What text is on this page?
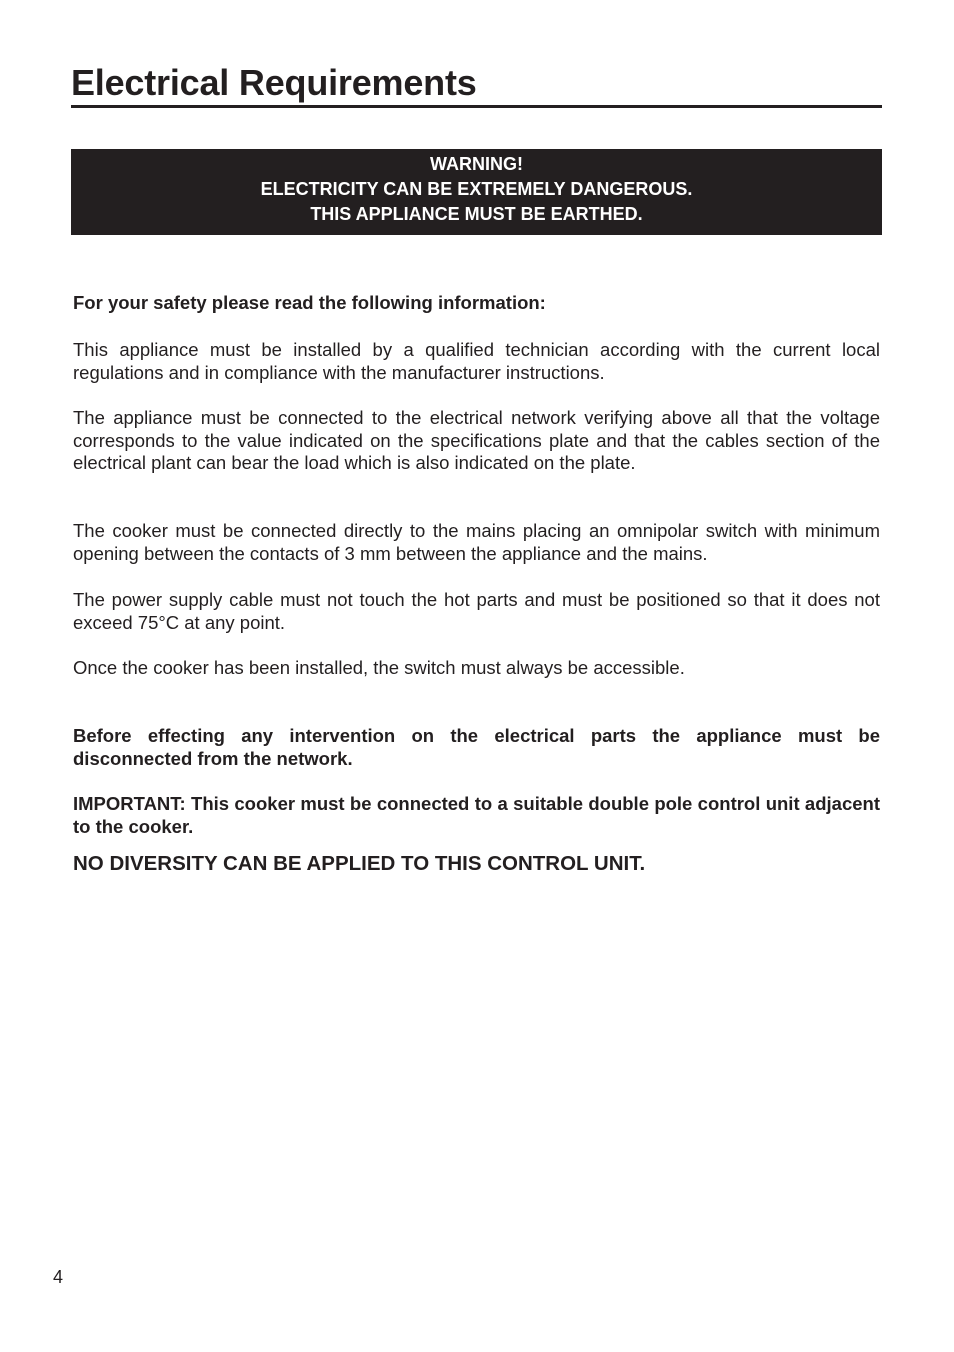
Electrical Requirements
WARNING!
ELECTRICITY CAN BE EXTREMELY DANGEROUS.
THIS APPLIANCE MUST BE EARTHED.

For your safety please read the following information:

This appliance must be installed by a qualified technician according with the current local regulations and in compliance with the manufacturer instructions.

The appliance must be connected to the electrical network verifying above all that the voltage corresponds to the value indicated on the specifications plate and that the cables section of the electrical plant can bear the load which is also indicated on the plate.

The cooker must be connected directly to the mains placing an omnipolar switch with minimum opening between the contacts of 3 mm between the appliance and the mains.

The power supply cable must not touch the hot parts and must be positioned so that it does not exceed 75°C at any point.

Once the cooker has been installed, the switch must always be accessible.

Before effecting any intervention on the electrical parts the appliance must be disconnected from the network.

IMPORTANT: This cooker must be connected to a suitable double pole control unit adjacent to the cooker.

NO DIVERSITY CAN BE APPLIED TO THIS CONTROL UNIT.

4
